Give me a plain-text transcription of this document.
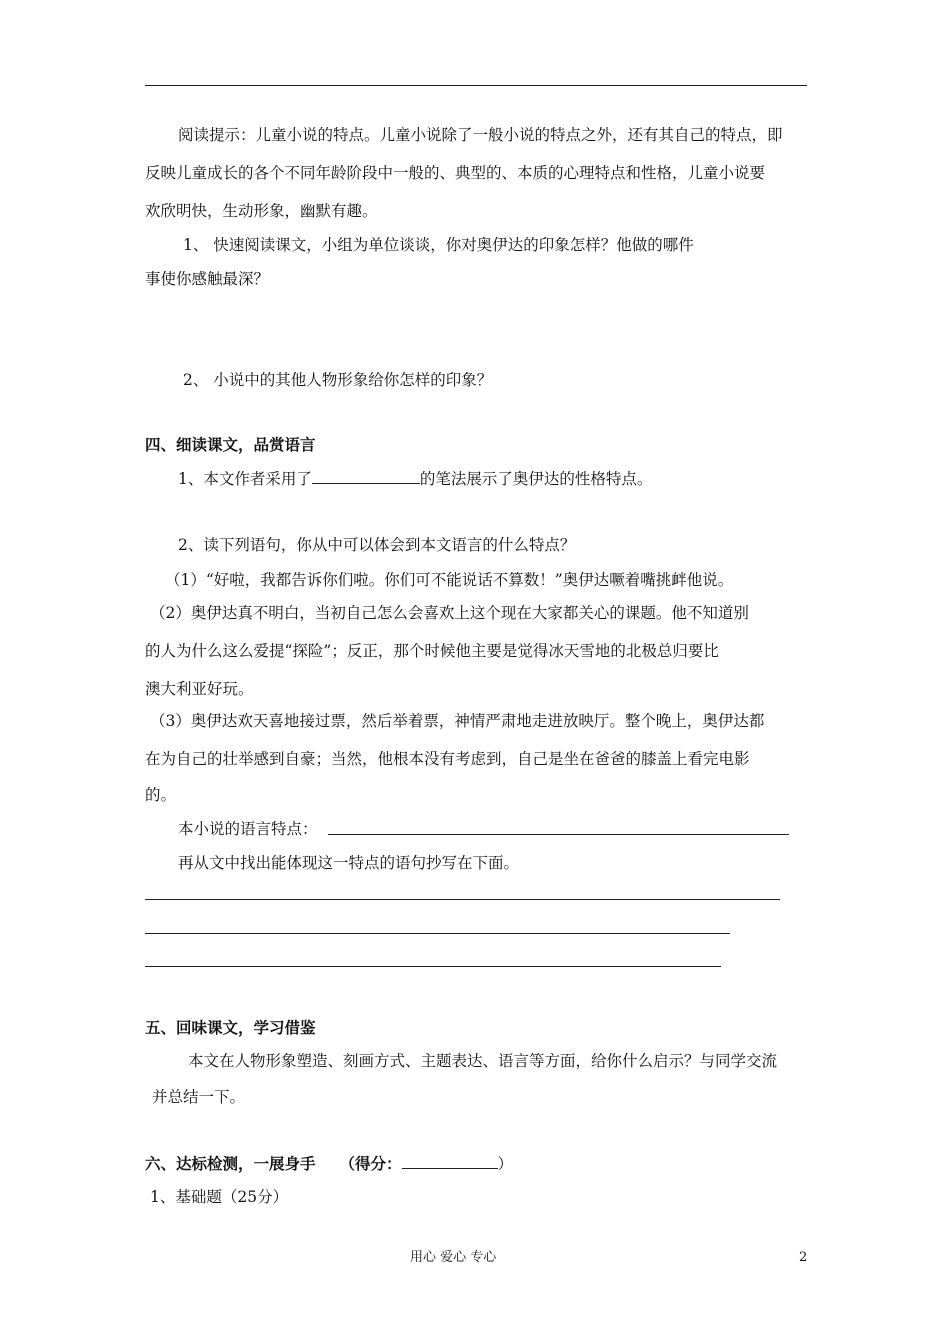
阅读提示：儿童小说的特点。儿童小说除了一般小说的特点之外，还有其自己的特点，即
反映儿童成长的各个不同年龄阶段中一般的、典型的、本质的心理特点和性格，儿童小说要
欢欣明快，生动形象，幽默有趣。
1、 快速阅读课文，小组为单位谈谈，你对奥伊达的印象怎样？他做的哪件
事使你感触最深？
2、 小说中的其他人物形象给你怎样的印象？
四、细读课文，品赏语言
1、本文作者采用了	的笔法展示了奥伊达的性格特点。
2、读下列语句，你从中可以体会到本文语言的什么特点？
（1）“好啦，我都告诉你们啦。你们可不能说话不算数！”奥伊达噘着嘴挑衅他说。
（2）奥伊达真不明白，当初自己怎么会喜欢上这个现在大家都关心的课题。他不知道别
的人为什么这么爱提“探险”；反正，那个时候他主要是觉得冰天雪地的北极总归要比
澳大利亚好玩。
（3）奥伊达欢天喜地接过票，然后举着票，神情严肃地走进放映厅。整个晚上，奥伊达都
在为自己的壮举感到自豪；当然，他根本没有考虑到，自己是坐在爸爸的膝盖上看完电影
的。
本小说的语言特点：
再从文中找出能体现这一特点的语句抄写在下面。
五、回味课文，学习借鉴
本文在人物形象塑造、刻画方式、主题表达、语言等方面，给你什么启示？与同学交流
并总结一下。
六、达标检测，一展身手 （得分：	）
1、基础题（25分）
用心 爱心 专心	2
